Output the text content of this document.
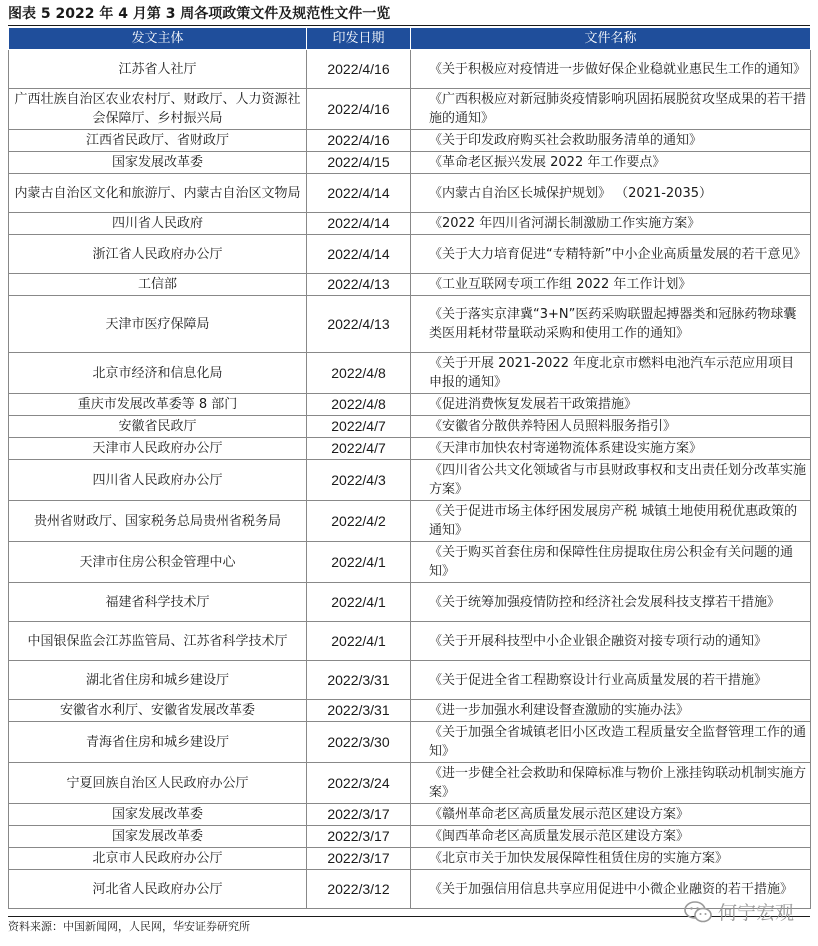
图表 5 2022 年 4 月第 3 周各项政策文件及规范性文件一览
发文主体	印发日期	文件名称
江苏省人社厅	2022/4/16	《关于积极应对疫情进一步做好保企业稳就业惠民生工作的通知》
广西壮族自治区农业农村厅、财政厅、人力资源社会保障厅、乡村振兴局	2022/4/16	《广西积极应对新冠肺炎疫情影响巩固拓展脱贫攻坚成果的若干措施的通知》
江西省民政厅、省财政厅	2022/4/16	《关于印发政府购买社会救助服务清单的通知》
国家发展改革委	2022/4/15	《革命老区振兴发展 2022 年工作要点》
内蒙古自治区文化和旅游厅、内蒙古自治区文物局	2022/4/14	《内蒙古自治区长城保护规划》 （2021-2035）
四川省人民政府	2022/4/14	《2022 年四川省河湖长制激励工作实施方案》
浙江省人民政府办公厅	2022/4/14	《关于大力培育促进“专精特新”中小企业高质量发展的若干意见》
工信部	2022/4/13	《工业互联网专项工作组 2022 年工作计划》
天津市医疗保障局	2022/4/13	《关于落实京津冀“3+N”医药采购联盟起搏器类和冠脉药物球囊类医用耗材带量联动采购和使用工作的通知》
北京市经济和信息化局	2022/4/8	《关于开展 2021-2022 年度北京市燃料电池汽车示范应用项目申报的通知》
重庆市发展改革委等 8 部门	2022/4/8	《促进消费恢复发展若干政策措施》
安徽省民政厅	2022/4/7	《安徽省分散供养特困人员照料服务指引》
天津市人民政府办公厅	2022/4/7	《天津市加快农村寄递物流体系建设实施方案》
四川省人民政府办公厅	2022/4/3	《四川省公共文化领域省与市县财政事权和支出责任划分改革实施方案》
贵州省财政厅、国家税务总局贵州省税务局	2022/4/2	《关于促进市场主体纾困发展房产税 城镇土地使用税优惠政策的通知》
天津市住房公积金管理中心	2022/4/1	《关于购买首套住房和保障性住房提取住房公积金有关问题的通知》
福建省科学技术厅	2022/4/1	《关于统筹加强疫情防控和经济社会发展科技支撑若干措施》
中国银保监会江苏监管局、江苏省科学技术厅	2022/4/1	《关于开展科技型中小企业银企融资对接专项行动的通知》
湖北省住房和城乡建设厅	2022/3/31	《关于促进全省工程勘察设计行业高质量发展的若干措施》
安徽省水利厅、安徽省发展改革委	2022/3/31	《进一步加强水利建设督查激励的实施办法》
青海省住房和城乡建设厅	2022/3/30	《关于加强全省城镇老旧小区改造工程质量安全监督管理工作的通知》
宁夏回族自治区人民政府办公厅	2022/3/24	《进一步健全社会救助和保障标准与物价上涨挂钩联动机制实施方案》
国家发展改革委	2022/3/17	《赣州革命老区高质量发展示范区建设方案》
国家发展改革委	2022/3/17	《闽西革命老区高质量发展示范区建设方案》
北京市人民政府办公厅	2022/3/17	《北京市关于加快发展保障性租赁住房的实施方案》
河北省人民政府办公厅	2022/3/12	《关于加强信用信息共享应用促进中小微企业融资的若干措施》
资料来源：中国新闻网，人民网，华安证券研究所
何宁宏观
